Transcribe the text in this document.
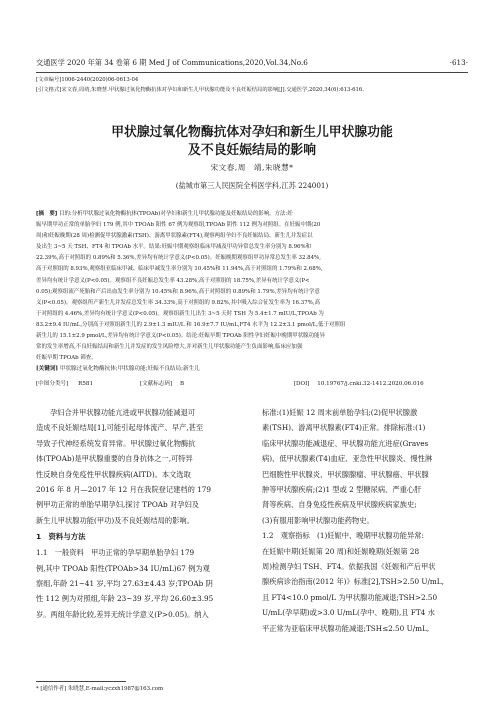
交通医学 2020 年第 34 卷第 6 期 Med J of Communications,2020,Vol.34,No.6	·613·
[文章编号]1006-2440(2020)06-0613-04
[引文格式]宋文春,周靖,朱晓慧.甲状腺过氧化物酶抗体对孕妇和新生儿甲状腺功能及不良妊娠结局的影响[J].交通医学,2020,34(6):613-616.
甲状腺过氧化物酶抗体对孕妇和新生儿甲状腺功能
及不良妊娠结局的影响
宋文春,周　靖,朱晓慧*
(盐城市第三人民医院全科医学科,江苏 224001)
[摘　要] 目的:分析甲状腺过氧化物酶抗体(TPOAb)对孕妇和新生儿甲状腺功能及妊娠结局的影响。方法:妊
娠早期甲功正常的单胎孕妇 179 例,其中 TPOAb 阳性 67 例为观察组,TPOAb 阴性 112 例为对照组。在妊娠中期(20
周)和妊娠晚期(28 周)检测促甲状腺激素(TSH)、游离甲状腺素(FT4),观察两组孕妇不良妊娠结局、新生儿并发症以
及出生 3~5 天 TSH、FT4 和 TPOAb 水平。结果:妊娠中期观察组临床甲减及甲功异常总发生率分别为 8.96%和
22.39%,高于对照组的 0.89%和 5.36%,差异均有统计学意义(P<0.05)。妊娠晚期观察组甲功异常总发生率 32.84%,
高于对照组的 8.93%,观察组亚临床甲减、临床甲减发生率分别为 10.45%和 11.94%,高于对照组的 1.79%和 2.68%,
差异均有统计学意义(P<0.05)。观察组不良妊娠总发生率 43.28%,高于对照组的 18.75%,差异有统计学意义(P<
0.05);观察组流产死胎和产后出血发生率分别为 10.45%和 8.96%,高于对照组的 0.89%和 1.79%,差异均有统计学意
义(P<0.05)。观察组所产新生儿并发症总发生率 34.33%,高于对照组的 9.82%,其中吸入综合征发生率为 16.37%,高
于对照组的 4.46%,差异均有统计学意义(P<0.05)。观察组新生儿出生 3~5 天时 TSH 为 5.4±1.7 mIU/L,TPOAb 为
83.2±9.4 IU/mL,分别高于对照组新生儿的 2.9±1.3 mIU/L 和 16.9±7.7 IU/mL,FT4 水平为 12.2±3.1 pmol/L,低于对照组
新生儿的 15.1±2.9 pmol/L,差异均有统计学意义(P<0.05)。结论:妊娠早期 TPOAb 阳性孕妇妊娠中晚期甲状腺功能异
常的发生率增高,不良妊娠结局和新生儿并发症的发生风险增大,并对新生儿甲状腺功能产生负面影响,临床应加强
妊娠早期 TPOAb 筛查。
[关键词] 甲状腺过氧化物酶抗体;甲状腺功能;妊娠不良结局;新生儿
[中图分类号] R581	[文献标志码] B	[DOI] 10.19767/j.cnki.32-1412.2020.06.016

孕妇合并甲状腺功能亢进或甲状腺功能减退可

造成不良妊娠结局[1],可能引起母体流产、早产,甚至

导致子代神经系统发育异常。甲状腺过氧化物酶抗

体(TPOAb)是甲状腺重要的自身抗体之一,可特异

性反映自身免疫性甲状腺疾病(AITD)。本文选取

2016 年 8 月—2017 年 12 月在我院登记建档的 179

例甲功正常的单胎早期孕妇,探讨 TPOAb 对孕妇及

新生儿甲状腺功能(甲功)及不良妊娠结局的影响。

1　资料与方法

1.1　一般资料　甲功正常的孕早期单胎孕妇 179

例,其中 TPOAb 阳性(TPOAb>34 IU/mL)67 例为观

察组,年龄 21~41 岁,平均 27.63±4.43 岁;TPOAb 阴

性 112 例为对照组,年龄 23~39 岁,平均 26.60±3.95

岁。两组年龄比较,差异无统计学意义(P>0.05)。纳入

标准:(1)妊娠 12 周末前单胎孕妇;(2)促甲状腺激

素(TSH)、游离甲状腺素(FT4)正常。排除标准:(1)

临床甲状腺功能减退症、甲状腺功能亢进症(Graves

病)、低甲状腺素(T4)血症、亚急性甲状腺炎、慢性淋

巴细胞性甲状腺炎、甲状腺腺瘤、甲状腺癌、甲状腺

肿等甲状腺疾病;(2)1 型或 2 型糖尿病、严重心肝

肾等疾病、自身免疫性疾病及甲状腺疾病家族史;

(3)有服用影响甲状腺功能药物史。

1.2　观察指标　(1)妊娠中、晚期甲状腺功能异常:

在妊娠中期(妊娠第 20 周)和妊娠晚期(妊娠第 28

周)检测孕妇 TSH、FT4。依据我国《妊娠和产后甲状

腺疾病诊治指南(2012 年)》标准[2],TSH>2.50 U/mL,

且 FT4<10.0 pmol/L 为甲状腺功能减退;TSH>2.50

U/mL(孕早期)或>3.0 U/mL(孕中、晚期),且 FT4 水

平正常为亚临床甲状腺功能减退;TSH≤2.50 U/mL,

* [通信作者] 朱晓慧,E-mail:yczxh1987@163.com
